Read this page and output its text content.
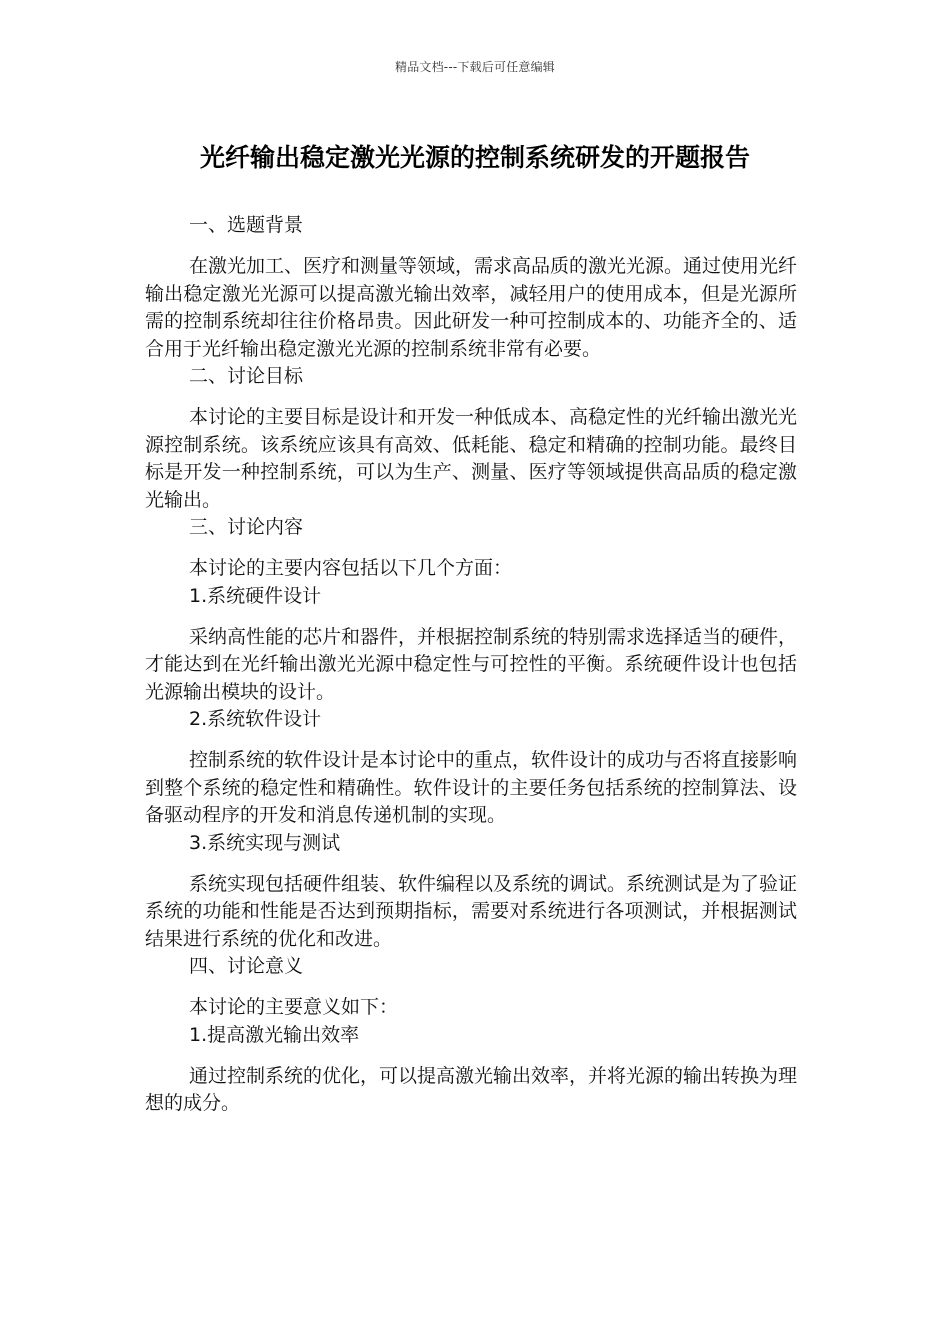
精品文档---下载后可任意编辑
光纤输出稳定激光光源的控制系统研发的开题报告

一、选题背景

在激光加工、医疗和测量等领域，需求高品质的激光光源。通过使用光纤输出稳定激光光源可以提高激光输出效率，减轻用户的使用成本，但是光源所需的控制系统却往往价格昂贵。因此研发一种可控制成本的、功能齐全的、适合用于光纤输出稳定激光光源的控制系统非常有必要。

二、讨论目标

本讨论的主要目标是设计和开发一种低成本、高稳定性的光纤输出激光光源控制系统。该系统应该具有高效、低耗能、稳定和精确的控制功能。最终目标是开发一种控制系统，可以为生产、测量、医疗等领域提供高品质的稳定激光输出。

三、讨论内容

本讨论的主要内容包括以下几个方面：

1.系统硬件设计

采纳高性能的芯片和器件，并根据控制系统的特别需求选择适当的硬件，才能达到在光纤输出激光光源中稳定性与可控性的平衡。系统硬件设计也包括光源输出模块的设计。

2.系统软件设计

控制系统的软件设计是本讨论中的重点，软件设计的成功与否将直接影响到整个系统的稳定性和精确性。软件设计的主要任务包括系统的控制算法、设备驱动程序的开发和消息传递机制的实现。

3.系统实现与测试

系统实现包括硬件组装、软件编程以及系统的调试。系统测试是为了验证系统的功能和性能是否达到预期指标，需要对系统进行各项测试，并根据测试结果进行系统的优化和改进。

四、讨论意义

本讨论的主要意义如下：

1.提高激光输出效率

通过控制系统的优化，可以提高激光输出效率，并将光源的输出转换为理想的成分。
